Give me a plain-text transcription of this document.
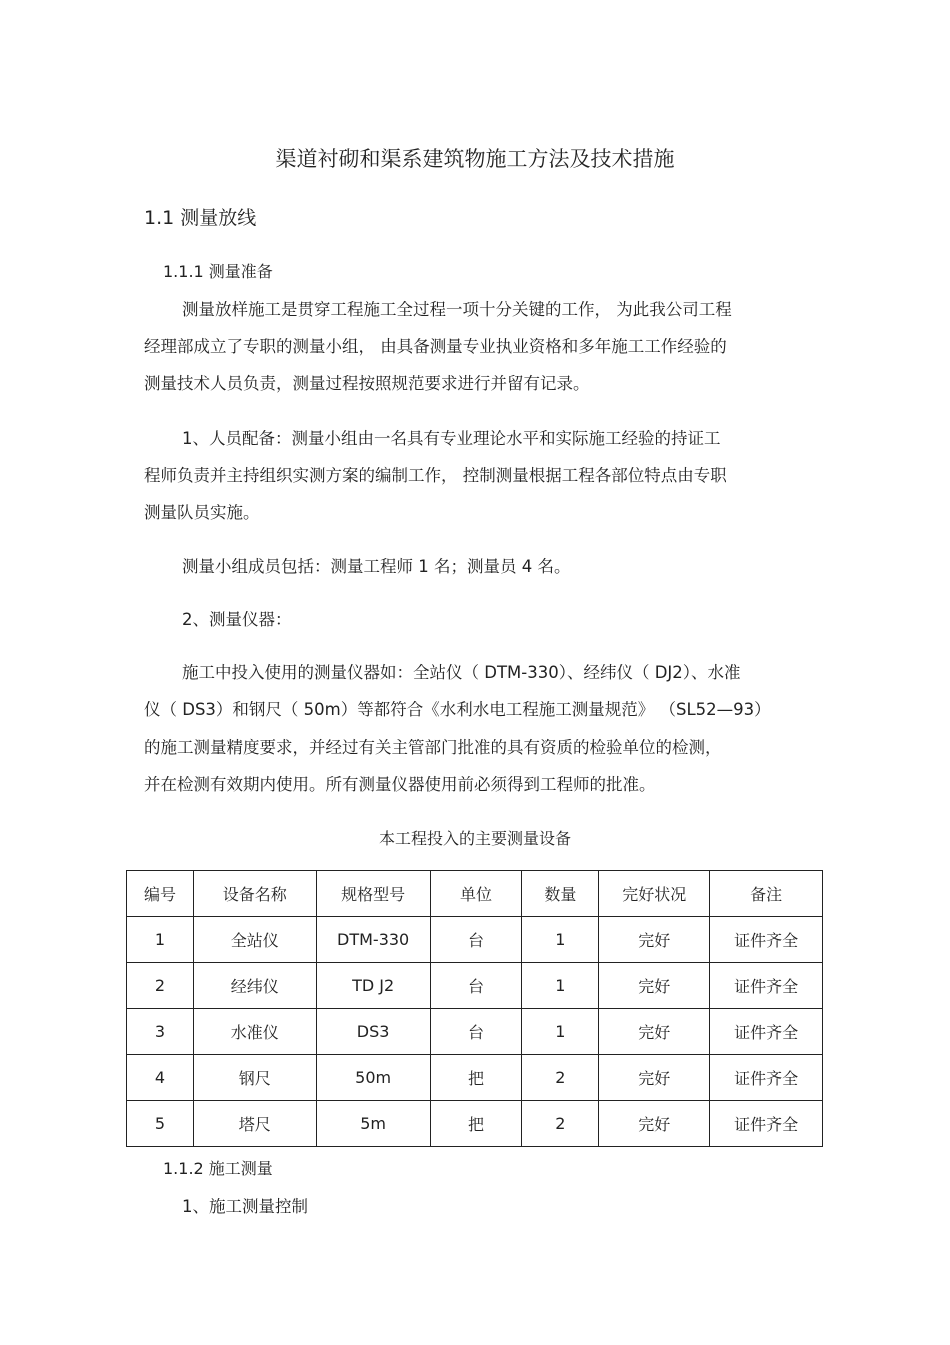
渠道衬砌和渠系建筑物施工方法及技术措施
1.1 测量放线
1.1.1 测量准备
测量放样施工是贯穿工程施工全过程一项十分关键的工作， 为此我公司工程
经理部成立了专职的测量小组， 由具备测量专业执业资格和多年施工工作经验的
测量技术人员负责，测量过程按照规范要求进行并留有记录。
1、人员配备：测量小组由一名具有专业理论水平和实际施工经验的持证工
程师负责并主持组织实测方案的编制工作， 控制测量根据工程各部位特点由专职
测量队员实施。
测量小组成员包括：测量工程师 1 名；测量员 4 名。
2、测量仪器：
施工中投入使用的测量仪器如：全站仪（ DTM-330）、经纬仪（ DJ2）、水准
仪（ DS3）和钢尺（ 50m）等都符合《水利水电工程施工测量规范》 （SL52—93）
的施工测量精度要求，并经过有关主管部门批准的具有资质的检验单位的检测，
并在检测有效期内使用。所有测量仪器使用前必须得到工程师的批准。
本工程投入的主要测量设备
编号	设备名称	规格型号	单位	数量	完好状况	备注
1	全站仪	DTM-330	台	1	完好	证件齐全
2	经纬仪	TD J2	台	1	完好	证件齐全
3	水准仪	DS3	台	1	完好	证件齐全
4	钢尺	50m	把	2	完好	证件齐全
5	塔尺	5m	把	2	完好	证件齐全
1.1.2 施工测量
1、施工测量控制
